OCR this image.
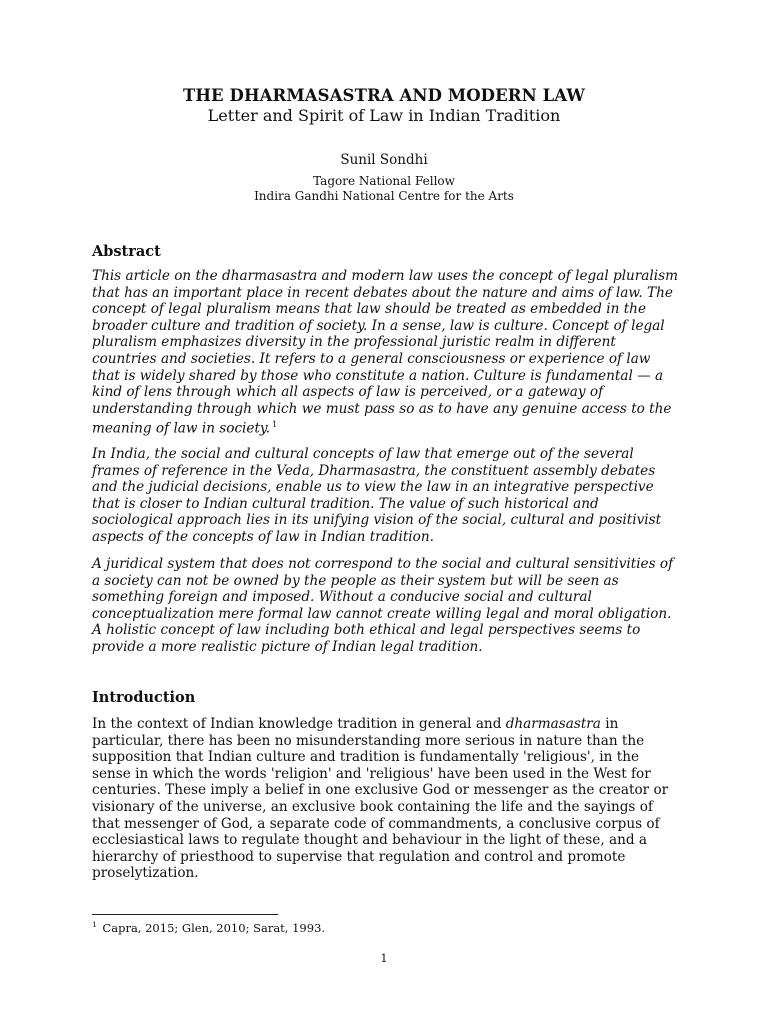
THE DHARMASASTRA AND MODERN LAW
Letter and Spirit of Law in Indian Tradition
Sunil Sondhi
Tagore National Fellow
Indira Gandhi National Centre for the Arts
Abstract

This article on the dharmasastra and modern law uses the concept of legal pluralism that has an important place in recent debates about the nature and aims of law. The concept of legal pluralism means that law should be treated as embedded in the broader culture and tradition of society. In a sense, law is culture. Concept of legal pluralism emphasizes diversity in the professional juristic realm in different countries and societies. It refers to a general consciousness or experience of law that is widely shared by those who constitute a nation. Culture is fundamental — a kind of lens through which all aspects of law is perceived, or a gateway of understanding through which we must pass so as to have any genuine access to the meaning of law in society. $^1$

In India, the social and cultural concepts of law that emerge out of the several frames of reference in the Veda, Dharmasastra, the constituent assembly debates and the judicial decisions, enable us to view the law in an integrative perspective that is closer to Indian cultural tradition. The value of such historical and sociological approach lies in its unifying vision of the social, cultural and positivist aspects of the concepts of law in Indian tradition.

A juridical system that does not correspond to the social and cultural sensitivities of a society can not be owned by the people as their system but will be seen as something foreign and imposed. Without a conducive social and cultural conceptualization mere formal law cannot create willing legal and moral obligation. A holistic concept of law including both ethical and legal perspectives seems to provide a more realistic picture of Indian legal tradition.

Introduction

In the context of Indian knowledge tradition in general and dharmasastra in particular, there has been no misunderstanding more serious in nature than the supposition that Indian culture and tradition is fundamentally 'religious', in the sense in which the words 'religion' and 'religious' have been used in the West for centuries. These imply a belief in one exclusive God or messenger as the creator or visionary of the universe, an exclusive book containing the life and the sayings of that messenger of God, a separate code of commandments, a conclusive corpus of ecclesiastical laws to regulate thought and behaviour in the light of these, and a hierarchy of priesthood to supervise that regulation and control and promote proselytization.

$^1$ Capra, 2015; Glen, 2010; Sarat, 1993.
1
